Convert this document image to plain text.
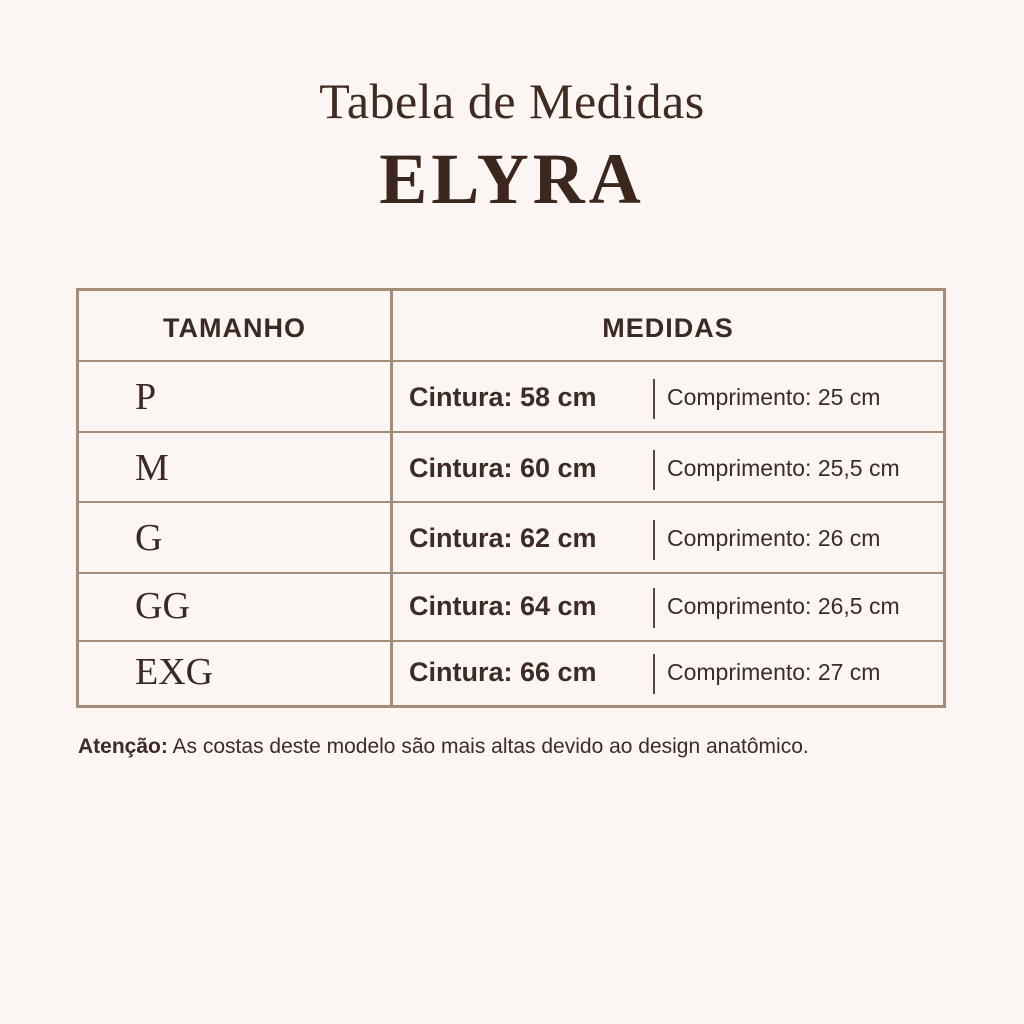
Tabela de Medidas
ELYRA
TAMANHO	MEDIDAS
P	Cintura: 58 cm	Comprimento: 25 cm
M	Cintura: 60 cm	Comprimento: 25,5 cm
G	Cintura: 62 cm	Comprimento: 26 cm
GG	Cintura: 64 cm	Comprimento: 26,5 cm
EXG	Cintura: 66 cm	Comprimento: 27 cm
Atenção: As costas deste modelo são mais altas devido ao design anatômico.
